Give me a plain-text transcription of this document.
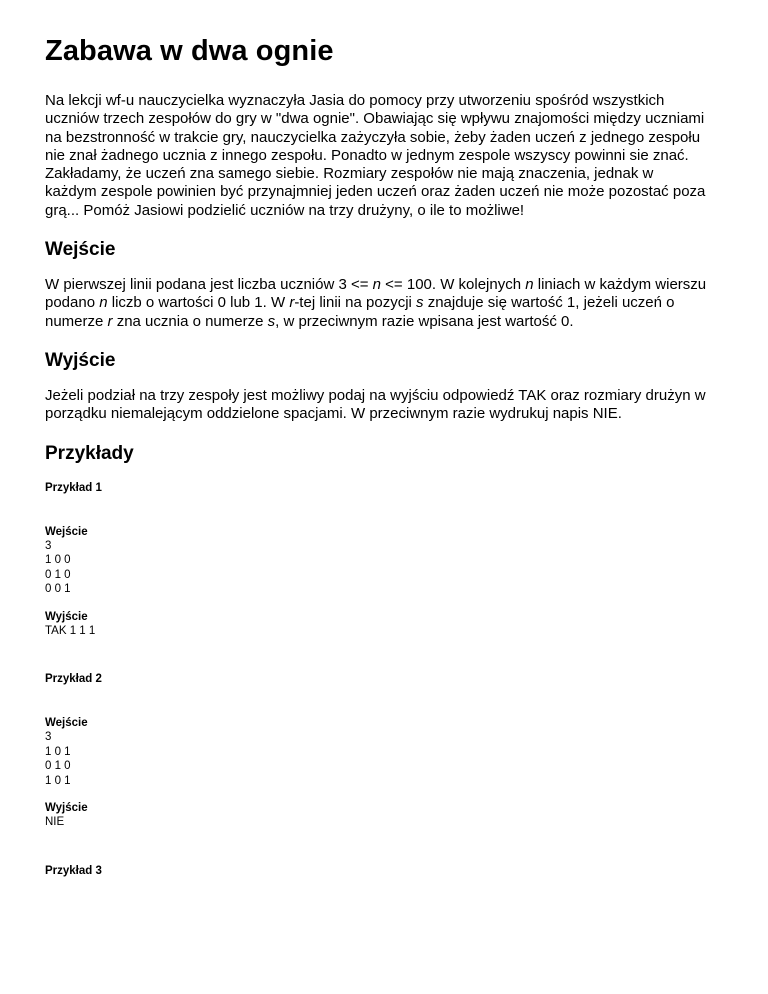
Zabawa w dwa ognie

Na lekcji wf-u nauczycielka wyznaczyła Jasia do pomocy przy utworzeniu spośród wszystkich uczniów trzech zespołów do gry w "dwa ognie". Obawiając się wpływu znajomości między uczniami na bezstronność w trakcie gry, nauczycielka zażyczyła sobie, żeby żaden uczeń z jednego zespołu nie znał żadnego ucznia z innego zespołu. Ponadto w jednym zespole wszyscy powinni sie znać. Zakładamy, że uczeń zna samego siebie. Rozmiary zespołów nie mają znaczenia, jednak w każdym zespole powinien być przynajmniej jeden uczeń oraz żaden uczeń nie może pozostać poza grą... Pomóż Jasiowi podzielić uczniów na trzy drużyny, o ile to możliwe!

Wejście

W pierwszej linii podana jest liczba uczniów 3 <= n <= 100. W kolejnych n liniach w każdym wierszu podano n liczb o wartości 0 lub 1. W r-tej linii na pozycji s znajduje się wartość 1, jeżeli uczeń o numerze r zna ucznia o numerze s, w przeciwnym razie wpisana jest wartość 0.

Wyjście

Jeżeli podział na trzy zespoły jest możliwy podaj na wyjściu odpowiedź TAK oraz rozmiary drużyn w porządku niemalejącym oddzielone spacjami. W przeciwnym razie wydrukuj napis NIE.

Przykłady
Przykład 1
Wejście
3
1 0 0
0 1 0
0 0 1
Wyjście
TAK 1 1 1
Przykład 2
Wejście
3
1 0 1
0 1 0
1 0 1
Wyjście
NIE
Przykład 3
